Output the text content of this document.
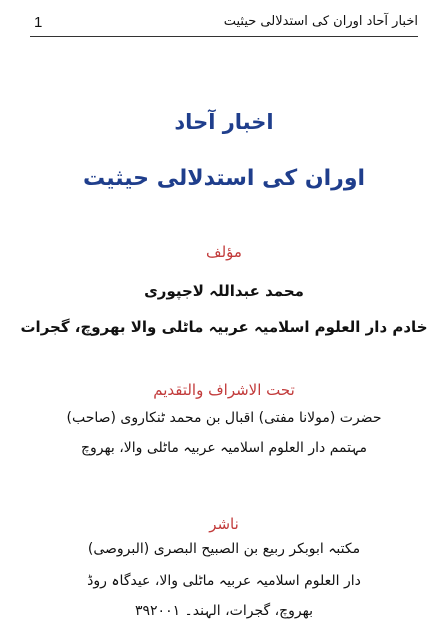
1	اخبار آحاد اوران کی استدلالی حیثیت
اخبار آحاد
اوران کی استدلالی حیثیت
مؤلف
محمد عبداللہ لاجپوری
خادم دار العلوم اسلامیہ عربیہ ماٹلی والا بھروچ، گجرات
تحت الاشراف والتقدیم
حضرت (مولانا مفتی) اقبال بن محمد ٹنکاروی (صاحب)
مہتمم دار العلوم اسلامیہ عربیہ ماٹلی والا، بھروچ
ناشر
مکتبہ ابوبکر ربیع بن الصبیح البصری (البروصی)
دار العلوم اسلامیہ عربیہ ماٹلی والا، عیدگاہ روڈ
بھروچ، گجرات، الہند۔ ۳۹۲۰۰۱
